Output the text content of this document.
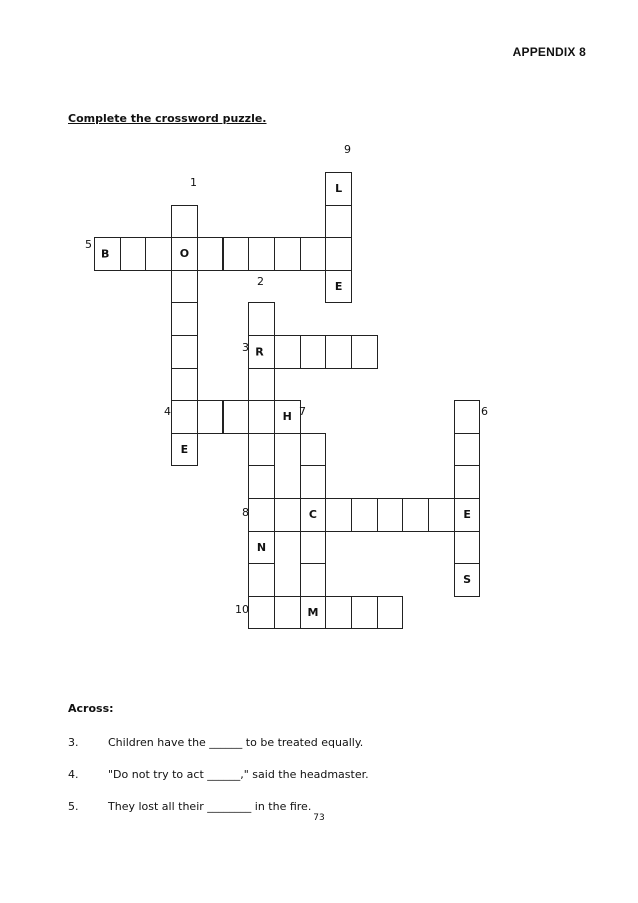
APPENDIX 8
Complete the crossword puzzle.
L
E
O
E
B
R
N
H
C
M
E
S
1
2
3
4
5
6
7
8
9
10
Across:
3.	Children have the ______ to be treated equally.
4.	"Do not try to act ______," said the headmaster.
5.	They lost all their ________ in the fire.
73
